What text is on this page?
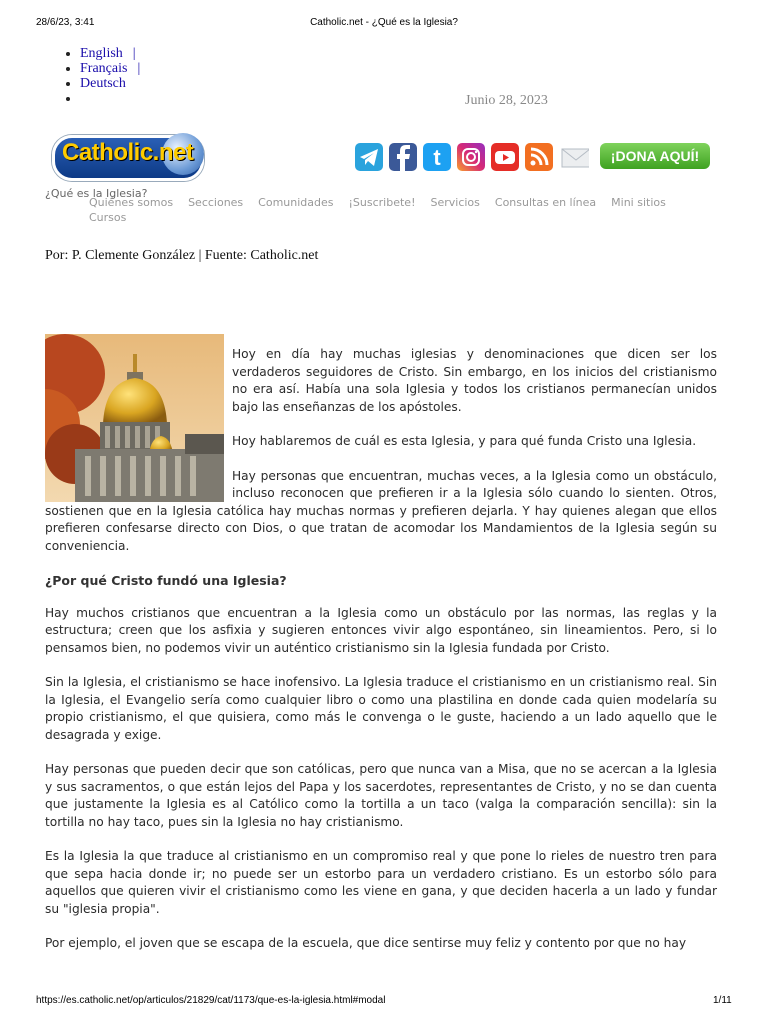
28/6/23, 3:41	Catholic.net - ¿Qué es la Iglesia?
• English |
• Français |
• Deutsch
•
Junio 28, 2023
Catholic.net	t	¡DONA AQUÍ!
¿Qué es la Iglesia?
Quiénes somos Secciones Comunidades ¡Suscribete! Servicios Consultas en línea Mini sitios
Cursos
Por: P. Clemente González | Fuente: Catholic.net

Hoy en día hay muchas iglesias y denominaciones que dicen ser los verdaderos seguidores de Cristo. Sin embargo, en los inicios del cristianismo no era así. Había una sola Iglesia y todos los cristianos permanecían unidos bajo las enseñanzas de los apóstoles.

Hoy hablaremos de cuál es esta Iglesia, y para qué funda Cristo una Iglesia.

Hay personas que encuentran, muchas veces, a la Iglesia como un obstáculo, incluso reconocen que prefieren ir a la Iglesia sólo cuando lo sienten. Otros, sostienen que en la Iglesia católica hay muchas normas y prefieren dejarla. Y hay quienes alegan que ellos prefieren confesarse directo con Dios, o que tratan de acomodar los Mandamientos de la Iglesia según su conveniencia.

¿Por qué Cristo fundó una Iglesia?

Hay muchos cristianos que encuentran a la Iglesia como un obstáculo por las normas, las reglas y la estructura; creen que los asfixia y sugieren entonces vivir algo espontáneo, sin lineamientos. Pero, si lo pensamos bien, no podemos vivir un auténtico cristianismo sin la Iglesia fundada por Cristo.

Sin la Iglesia, el cristianismo se hace inofensivo. La Iglesia traduce el cristianismo en un cristianismo real. Sin la Iglesia, el Evangelio sería como cualquier libro o como una plastilina en donde cada quien modelaría su propio cristianismo, el que quisiera, como más le convenga o le guste, haciendo a un lado aquello que le desagrada y exige.

Hay personas que pueden decir que son católicas, pero que nunca van a Misa, que no se acercan a la Iglesia y sus sacramentos, o que están lejos del Papa y los sacerdotes, representantes de Cristo, y no se dan cuenta que justamente la Iglesia es al Católico como la tortilla a un taco (valga la comparación sencilla): sin la tortilla no hay taco, pues sin la Iglesia no hay cristianismo.

Es la Iglesia la que traduce al cristianismo en un compromiso real y que pone lo rieles de nuestro tren para que sepa hacia donde ir; no puede ser un estorbo para un verdadero cristiano. Es un estorbo sólo para aquellos que quieren vivir el cristianismo como les viene en gana, y que deciden hacerla a un lado y fundar su "iglesia propia".

Por ejemplo, el joven que se escapa de la escuela, que dice sentirse muy feliz y contento por que no hay

https://es.catholic.net/op/articulos/21829/cat/1173/que-es-la-iglesia.html#modal	1/11
